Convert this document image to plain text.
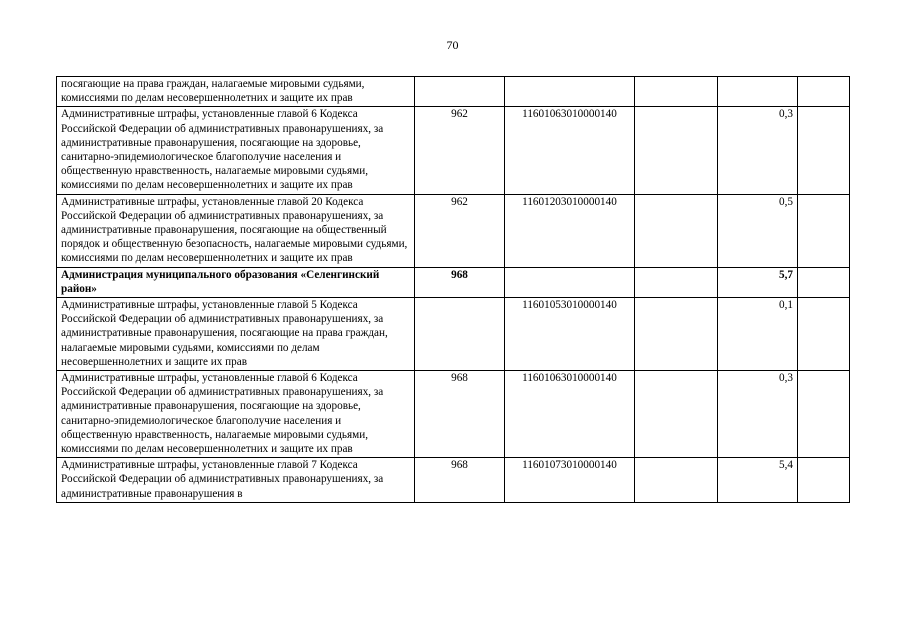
70
посягающие на права граждан, налагаемые мировыми судьями, комиссиями по делам несовершеннолетних и защите их прав					
Административные штрафы, установленные главой 6 Кодекса Российской Федерации об административных правонарушениях, за административные правонарушения, посягающие на здоровье, санитарно-эпидемиологическое благополучие населения и общественную нравственность, налагаемые мировыми судьями, комиссиями по делам несовершеннолетних и защите их прав	962	11601063010000140		0,3	
Административные штрафы, установленные главой 20 Кодекса Российской Федерации об административных правонарушениях, за административные правонарушения, посягающие на общественный порядок и общественную безопасность, налагаемые мировыми судьями, комиссиями по делам несовершеннолетних и защите их прав	962	11601203010000140		0,5	
Администрация муниципального образования «Селенгинский район»	968			5,7	
Административные штрафы, установленные главой 5 Кодекса Российской Федерации об административных правонарушениях, за административные правонарушения, посягающие на права граждан, налагаемые мировыми судьями, комиссиями по делам несовершеннолетних и защите их прав		11601053010000140		0,1	
Административные штрафы, установленные главой 6 Кодекса Российской Федерации об административных правонарушениях, за административные правонарушения, посягающие на здоровье, санитарно-эпидемиологическое благополучие населения и общественную нравственность, налагаемые мировыми судьями, комиссиями по делам несовершеннолетних и защите их прав	968	11601063010000140		0,3	
Административные штрафы, установленные главой 7 Кодекса Российской Федерации об административных правонарушениях, за административные правонарушения в	968	11601073010000140		5,4	
